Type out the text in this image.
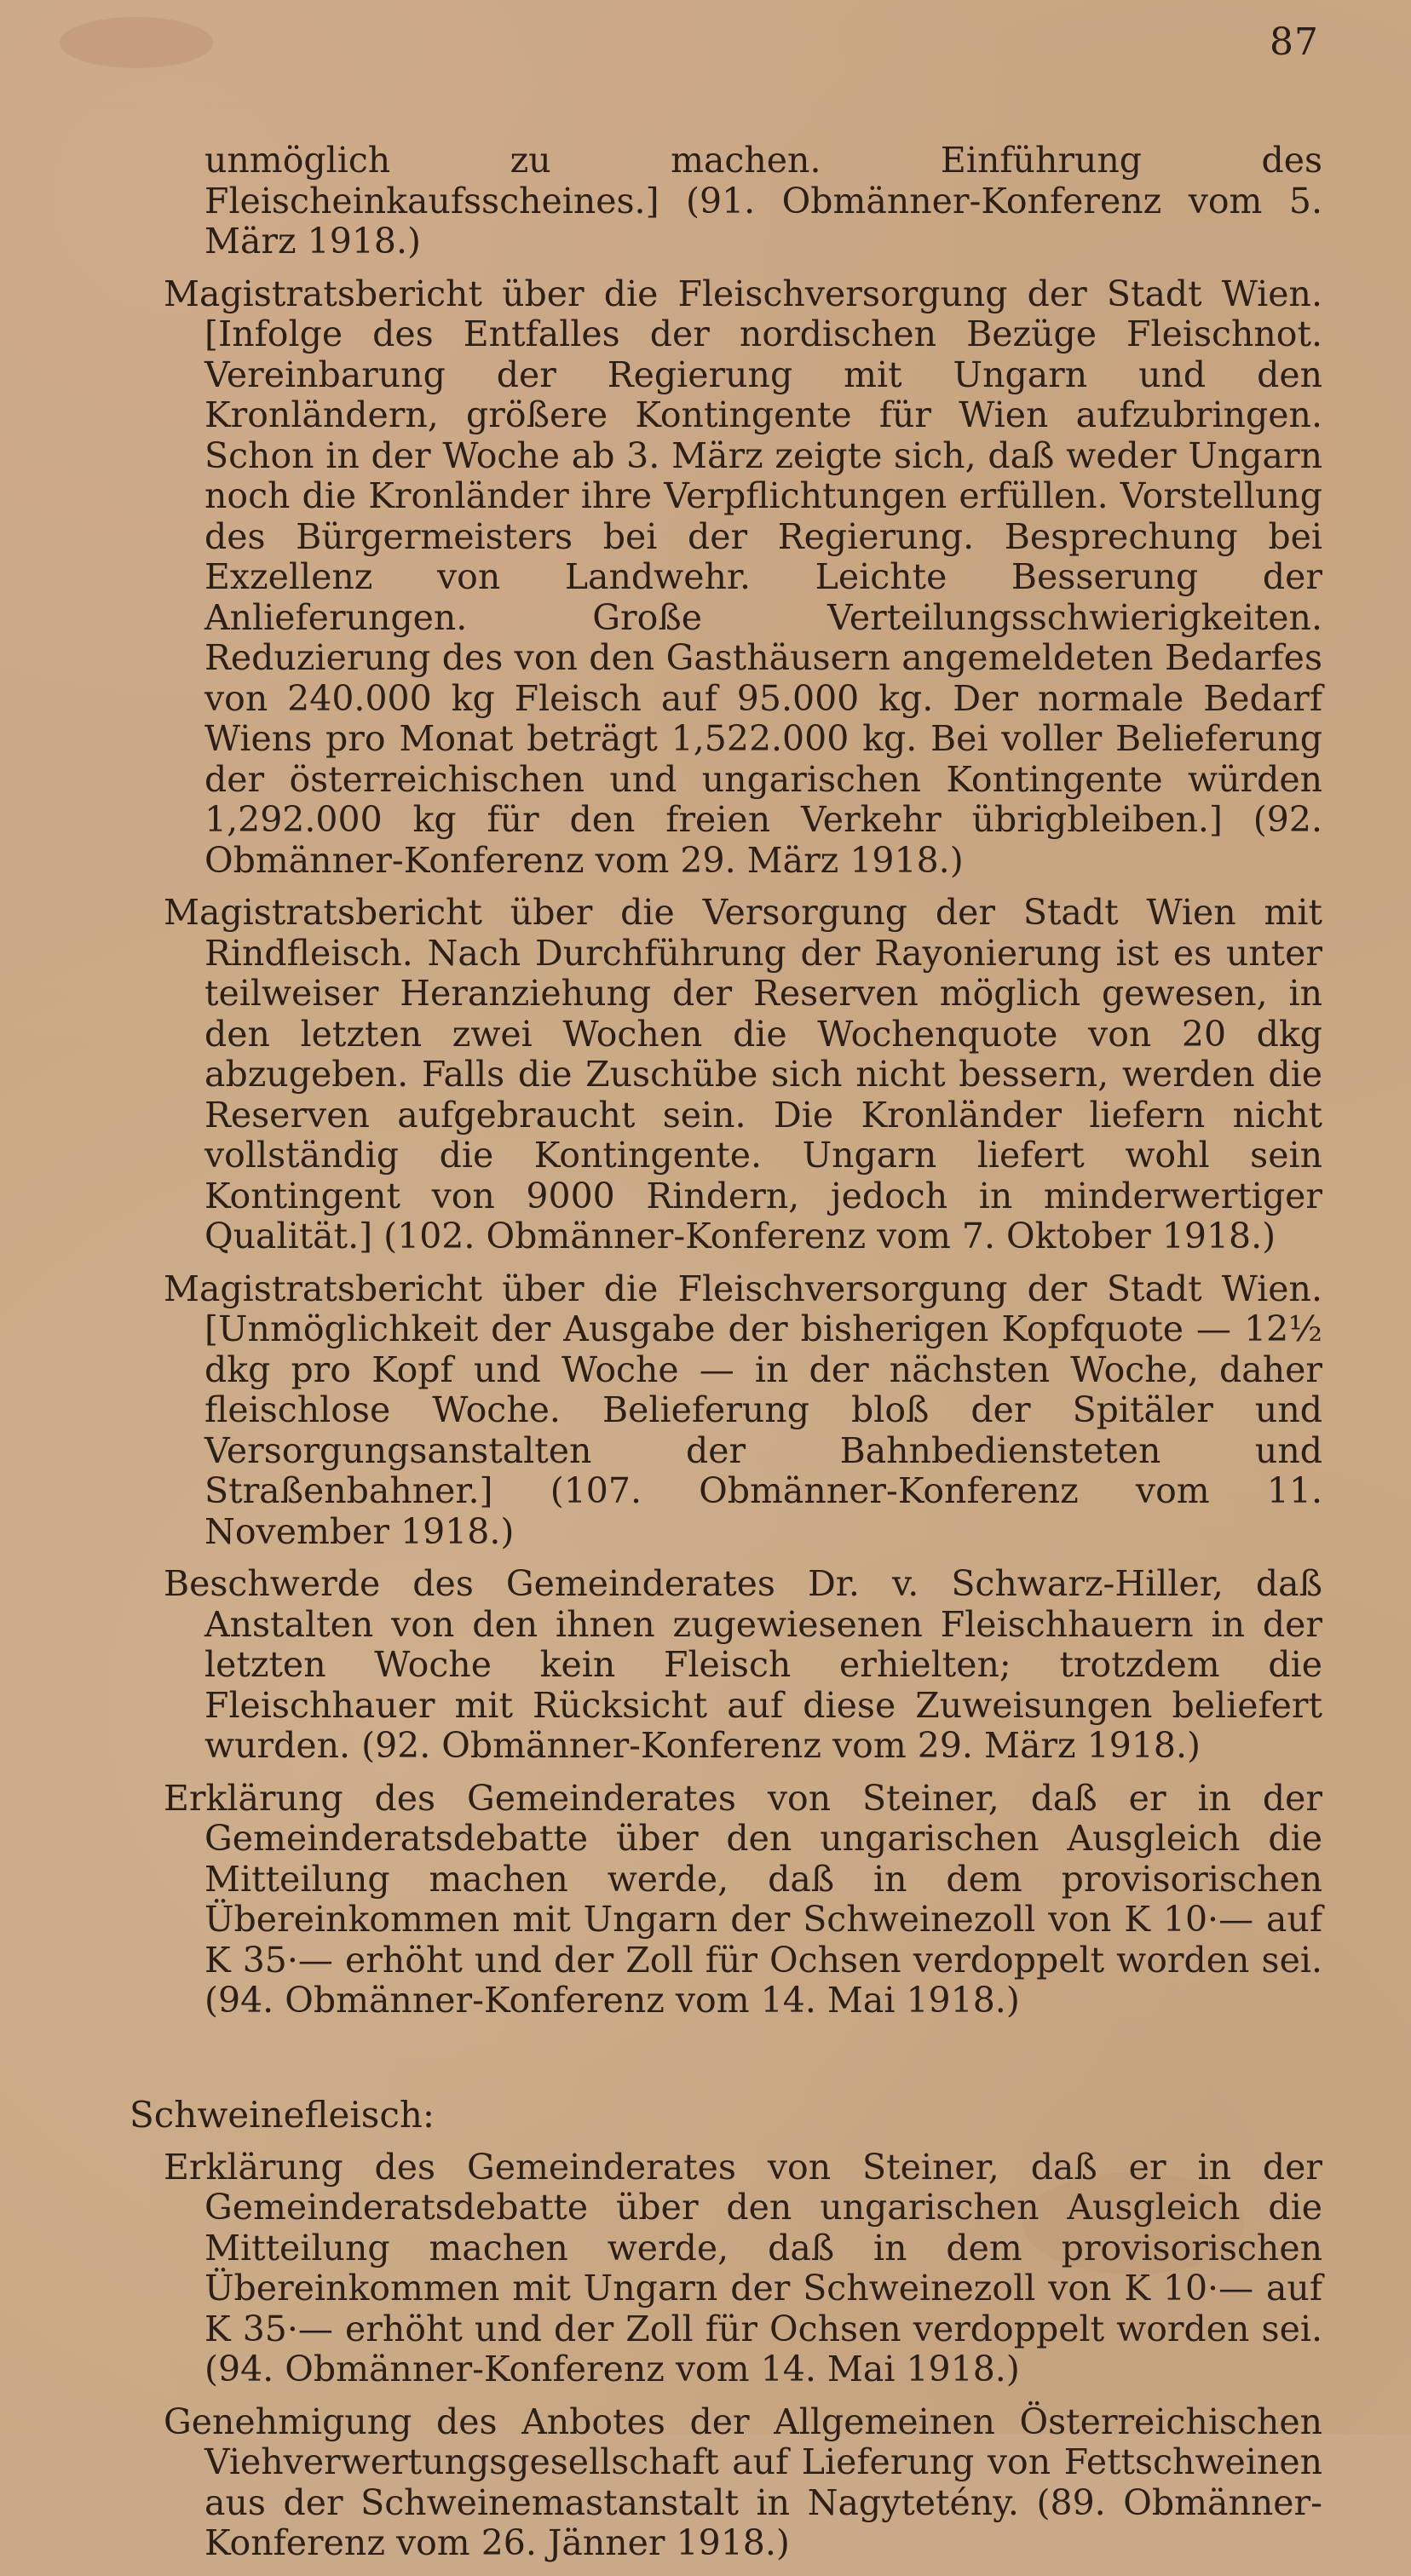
87

unmöglich zu machen. Einführung des Fleischeinkaufsscheines.] (91. Obmänner-Konferenz vom 5. März 1918.)

Magistratsbericht über die Fleischversorgung der Stadt Wien. [Infolge des Entfalles der nordischen Bezüge Fleischnot. Vereinbarung der Regierung mit Ungarn und den Kronländern, größere Kontingente für Wien aufzubringen. Schon in der Woche ab 3. März zeigte sich, daß weder Ungarn noch die Kronländer ihre Verpflichtungen erfüllen. Vorstellung des Bürgermeisters bei der Regierung. Besprechung bei Exzellenz von Landwehr. Leichte Besserung der Anlieferungen. Große Verteilungsschwierigkeiten. Reduzierung des von den Gasthäusern angemeldeten Bedarfes von 240.000 kg Fleisch auf 95.000 kg. Der normale Bedarf Wiens pro Monat beträgt 1,522.000 kg. Bei voller Belieferung der österreichischen und ungarischen Kontingente würden 1,292.000 kg für den freien Verkehr übrigbleiben.] (92. Obmänner-Konferenz vom 29. März 1918.)

Magistratsbericht über die Versorgung der Stadt Wien mit Rindfleisch. Nach Durchführung der Rayonierung ist es unter teilweiser Heranziehung der Reserven möglich gewesen, in den letzten zwei Wochen die Wochenquote von 20 dkg abzugeben. Falls die Zuschübe sich nicht bessern, werden die Reserven aufgebraucht sein. Die Kronländer liefern nicht vollständig die Kontingente. Ungarn liefert wohl sein Kontingent von 9000 Rindern, jedoch in minderwertiger Qualität.] (102. Obmänner-Konferenz vom 7. Oktober 1918.)

Magistratsbericht über die Fleischversorgung der Stadt Wien. [Unmöglichkeit der Ausgabe der bisherigen Kopfquote — 12½ dkg pro Kopf und Woche — in der nächsten Woche, daher fleischlose Woche. Belieferung bloß der Spitäler und Versorgungsanstalten der Bahnbediensteten und Straßenbahner.] (107. Obmänner-Konferenz vom 11. November 1918.)

Beschwerde des Gemeinderates Dr. v. Schwarz-Hiller, daß Anstalten von den ihnen zugewiesenen Fleischhauern in der letzten Woche kein Fleisch erhielten; trotzdem die Fleischhauer mit Rücksicht auf diese Zuweisungen beliefert wurden. (92. Obmänner-Konferenz vom 29. März 1918.)

Erklärung des Gemeinderates von Steiner, daß er in der Gemeinderatsdebatte über den ungarischen Ausgleich die Mitteilung machen werde, daß in dem provisorischen Übereinkommen mit Ungarn der Schweinezoll von K 10·— auf K 35·— erhöht und der Zoll für Ochsen verdoppelt worden sei. (94. Obmänner-Konferenz vom 14. Mai 1918.)

Schweinefleisch:

Erklärung des Gemeinderates von Steiner, daß er in der Gemeinderatsdebatte über den ungarischen Ausgleich die Mitteilung machen werde, daß in dem provisorischen Übereinkommen mit Ungarn der Schweinezoll von K 10·— auf K 35·— erhöht und der Zoll für Ochsen verdoppelt worden sei. (94. Obmänner-Konferenz vom 14. Mai 1918.)

Genehmigung des Anbotes der Allgemeinen Österreichischen Viehverwertungsgesellschaft auf Lieferung von Fettschweinen aus der Schweinemastanstalt in Nagytetény. (89. Obmänner-Konferenz vom 26. Jänner 1918.)
